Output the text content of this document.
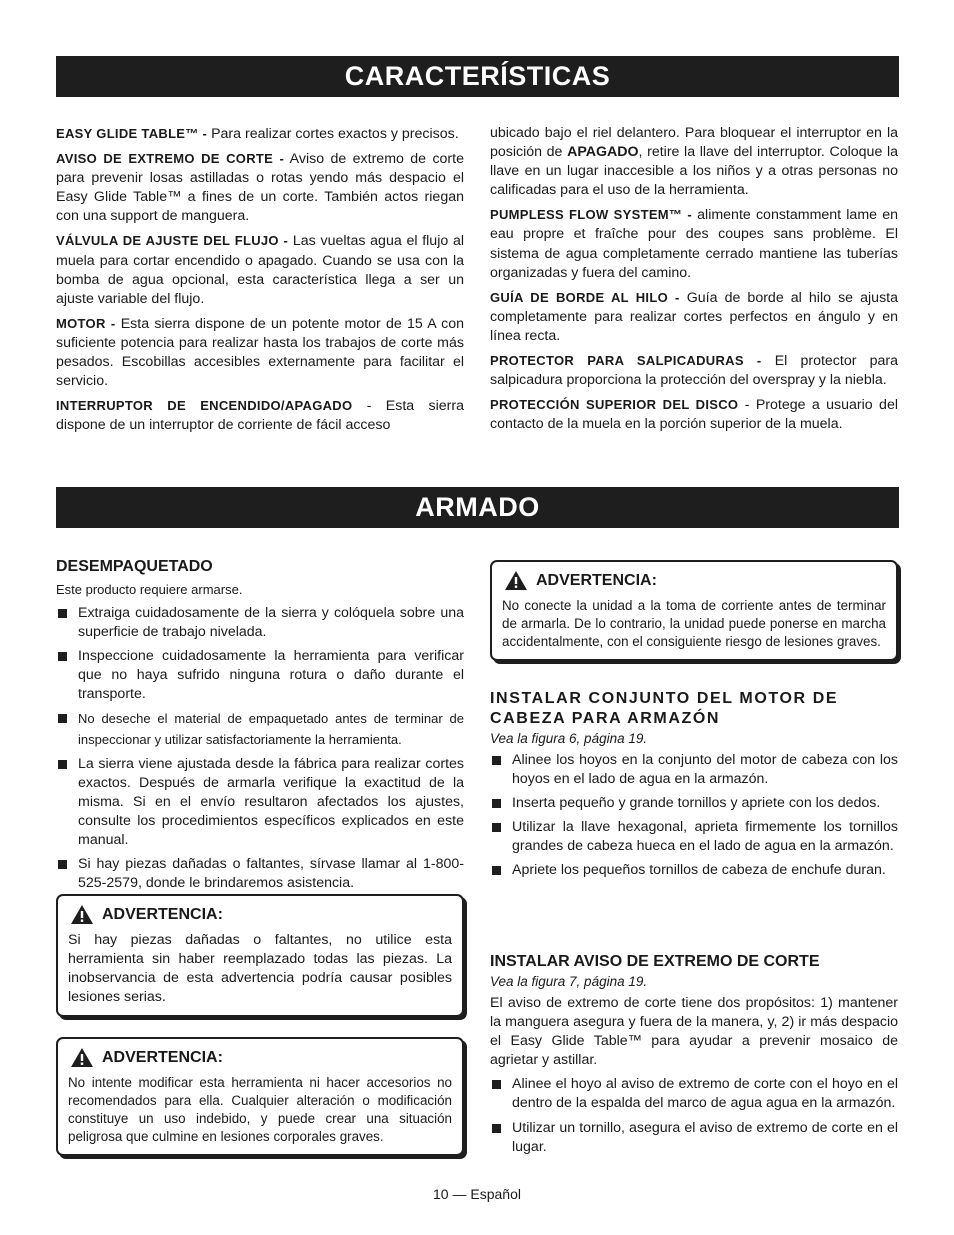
CARACTERÍSTICAS

EASY GLIDE TABLE™ - Para realizar cortes exactos y precisos.

AVISO DE EXTREMO DE CORTE - Aviso de extremo de corte para prevenir losas astilladas o rotas yendo más despacio el Easy Glide Table™ a fines de un corte. También actos riegan con una support de manguera.

VÁLVULA DE AJUSTE DEL FLUJO - Las vueltas agua el flujo al muela para cortar encendido o apagado. Cuando se usa con la bomba de agua opcional, esta característica llega a ser un ajuste variable del flujo.

MOTOR - Esta sierra dispone de un potente motor de 15 A con suficiente potencia para realizar hasta los trabajos de corte más pesados. Escobillas accesibles externamente para facilitar el servicio.

INTERRUPTOR DE ENCENDIDO/APAGADO - Esta sierra dispone de un interruptor de corriente de fácil acceso

ubicado bajo el riel delantero. Para bloquear el interruptor en la posición de APAGADO, retire la llave del interruptor. Coloque la llave en un lugar inaccesible a los niños y a otras personas no calificadas para el uso de la herramienta.

PUMPLESS FLOW SYSTEM™ - alimente constamment lame en eau propre et fraîche pour des coupes sans problème. El sistema de agua completamente cerrado mantiene las tuberías organizadas y fuera del camino.

GUÍA DE BORDE AL HILO - Guía de borde al hilo se ajusta completamente para realizar cortes perfectos en ángulo y en línea recta.

PROTECTOR PARA SALPICADURAS - El protector para salpicadura proporciona la protección del overspray y la niebla.

PROTECCIÓN SUPERIOR DEL DISCO - Protege a usuario del contacto de la muela en la porción superior de la muela.

ARMADO
DESEMPAQUETADO

Este producto requiere armarse.

Extraiga cuidadosamente de la sierra y colóquela sobre una superficie de trabajo nivelada.
Inspeccione cuidadosamente la herramienta para verificar que no haya sufrido ninguna rotura o daño durante el transporte.
No deseche el material de empaquetado antes de terminar de inspeccionar y utilizar satisfactoriamente la herramienta.
La sierra viene ajustada desde la fábrica para realizar cortes exactos. Después de armarla verifique la exactitud de la misma. Si en el envío resultaron afectados los ajustes, consulte los procedimientos específicos explicados en este manual.
Si hay piezas dañadas o faltantes, sírvase llamar al 1-800-525-2579, donde le brindaremos asistencia.
ADVERTENCIA:
Si hay piezas dañadas o faltantes, no utilice esta herramienta sin haber reemplazado todas las piezas. La inobservancia de esta advertencia podría causar posibles lesiones serias.
ADVERTENCIA:
No intente modificar esta herramienta ni hacer accesorios no recomendados para ella. Cualquier alteración o modificación constituye un uso indebido, y puede crear una situación peligrosa que culmine en lesiones corporales graves.
ADVERTENCIA:
No conecte la unidad a la toma de corriente antes de terminar de armarla. De lo contrario, la unidad puede ponerse en marcha accidentalmente, con el consiguiente riesgo de lesiones graves.
INSTALAR CONJUNTO DEL MOTOR DE CABEZA PARA ARMAZÓN
Vea la figura 6, página 19.
Alinee los hoyos en la conjunto del motor de cabeza con los hoyos en el lado de agua en la armazón.
Inserta pequeño y grande tornillos y apriete con los dedos.
Utilizar la llave hexagonal, aprieta firmemente los tornillos grandes de cabeza hueca en el lado de agua en la armazón.
Apriete los pequeños tornillos de cabeza de enchufe duran.
INSTALAR AVISO DE EXTREMO DE CORTE
Vea la figura 7, página 19.

El aviso de extremo de corte tiene dos propósitos: 1) mantener la manguera asegura y fuera de la manera, y, 2) ir más despacio el Easy Glide Table™ para ayudar a prevenir mosaico de agrietar y astillar.

Alinee el hoyo al aviso de extremo de corte con el hoyo en el dentro de la espalda del marco de agua agua en la armazón.
Utilizar un tornillo, asegura el aviso de extremo de corte en el lugar.
10 — Español
